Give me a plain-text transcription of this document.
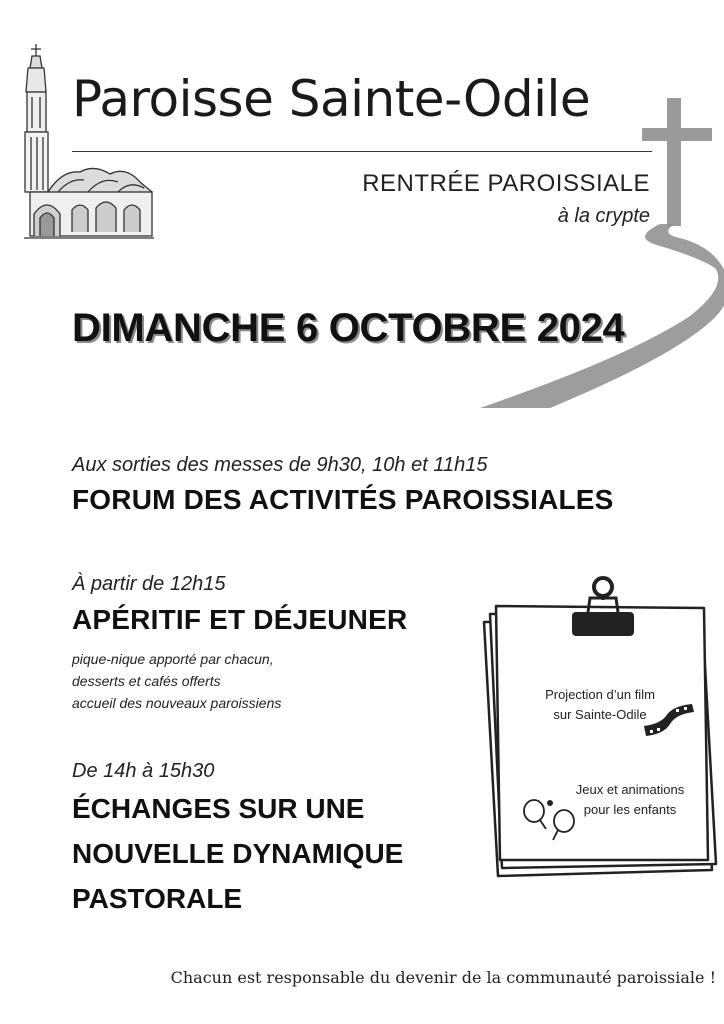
Paroisse Sainte-Odile
RENTRÉE PAROISSIALE
à la crypte
DIMANCHE 6 OCTOBRE 2024
Aux sorties des messes de 9h30, 10h et 11h15
FORUM DES ACTIVITÉS PAROISSIALES
À partir de 12h15
APÉRITIF ET DÉJEUNER
pique-nique apporté par chacun,
desserts et cafés offerts
accueil des nouveaux paroissiens
De 14h à 15h30
ÉCHANGES SUR UNE
NOUVELLE DYNAMIQUE
PASTORALE
Projection d’un film
sur Sainte-Odile
Jeux et animations
pour les enfants
Chacun est responsable du devenir de la communauté paroissiale !
